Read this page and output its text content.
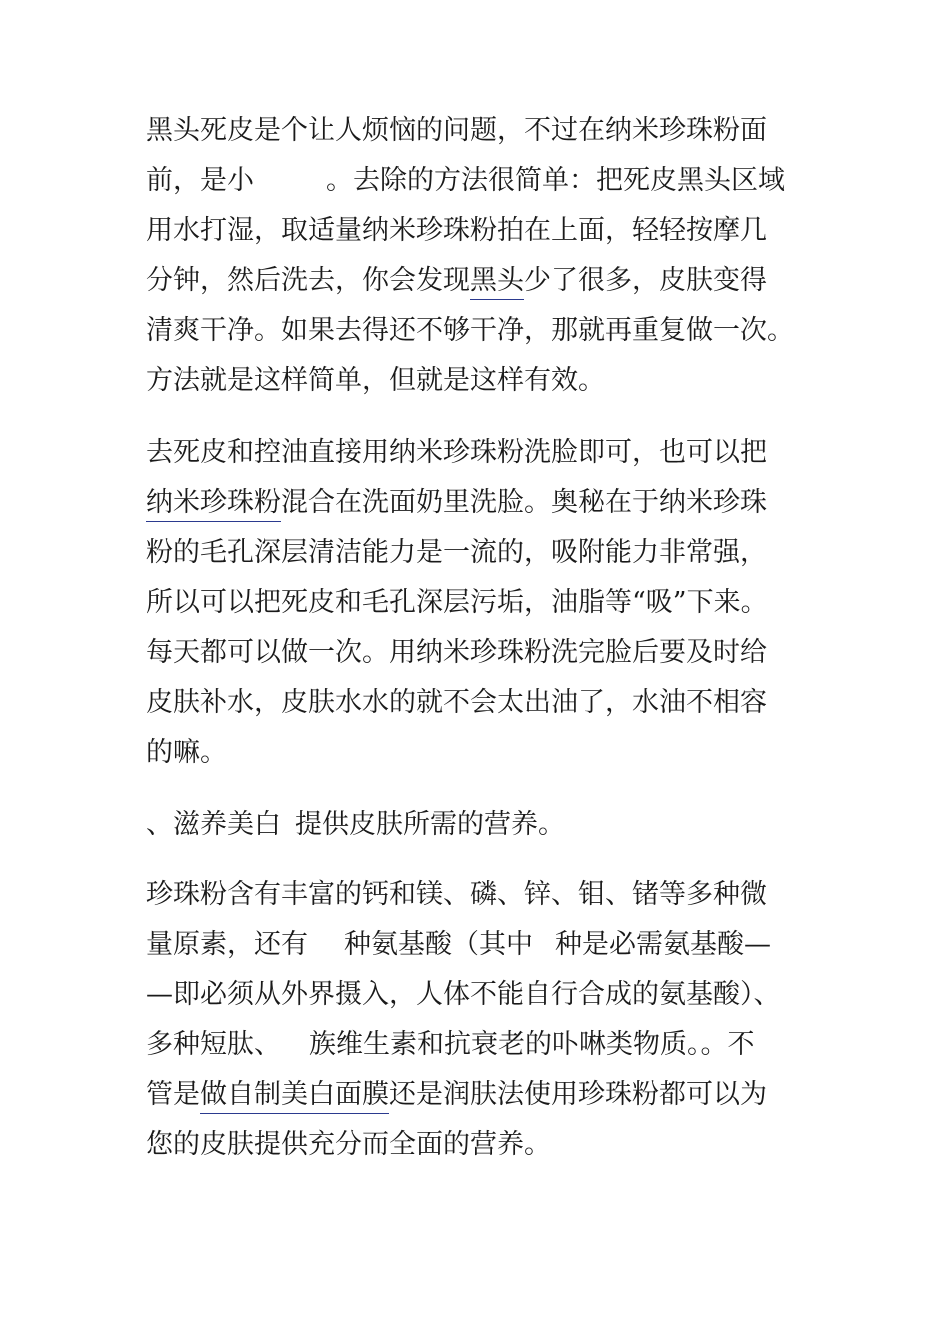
黑头死皮是个让人烦恼的问题，不过在纳米珍珠粉面
前，是小	。去除的方法很简单：把死皮黑头区域
用水打湿，取适量纳米珍珠粉拍在上面，轻轻按摩几
分钟，然后洗去，你会发现黑头少了很多，皮肤变得
清爽干净。如果去得还不够干净，那就再重复做一次。
方法就是这样简单，但就是这样有效。
去死皮和控油直接用纳米珍珠粉洗脸即可，也可以把
纳米珍珠粉混合在洗面奶里洗脸。奥秘在于纳米珍珠
粉的毛孔深层清洁能力是一流的，吸附能力非常强，
所以可以把死皮和毛孔深层污垢，油脂等“吸”下来。
每天都可以做一次。用纳米珍珠粉洗完脸后要及时给
皮肤补水，皮肤水水的就不会太出油了，水油不相容
的嘛。
、滋养美白 提供皮肤所需的营养。
珍珠粉含有丰富的钙和镁、磷、锌、钼、锗等多种微
量原素，还有 种氨基酸（其中 种是必需氨基酸—
—即必须从外界摄入，人体不能自行合成的氨基酸）、
多种短肽、 族维生素和抗衰老的卟啉类物质。。不
管是做自制美白面膜还是润肤法使用珍珠粉都可以为
您的皮肤提供充分而全面的营养。
